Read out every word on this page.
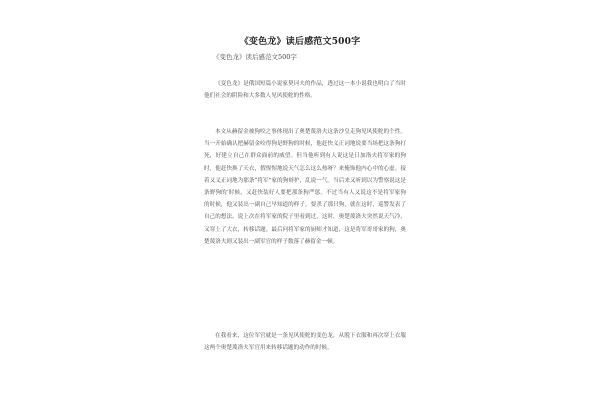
《变色龙》读后感范文500字
《变色龙》读后感范文500字

《变色龙》是俄国短篇小说家契诃夫的作品，透过这一本小说我也明白了当时他们社会的阴险和大多数人见风使舵的性格。

本文从赫留金被狗咬之事体现出了奥楚蔑洛夫这条沙皇走狗见风使舵的个性。当一开始确认把赫留金咬得狗是野狗的时候，他赶快义正词地说要当场把这条狗打死，好建立自己在群众面前的威望。但当他听到有人说这是日加洛夫将军家的狗时，他赶快换了天衣，假惺惺地说天气怎么这么热呀？来掩饰他内心中的心虚。接着又义正词地为那条“将军”家的狗辩护，乱说一气。当后来又听到以为警察说这是条野狗的‘时候，又赶快装好人要把那条狗严惩。不过当有人又说这不是将军家狗的时候，他又装出一副自己早知道的样子，要杀了那只狗，就在这时，巡警发表了自己的想法，说上次在将军家的院子里看到过，这时，奥楚蔑洛夫突然说天气冷，又穿上了大衣，转移话题。最后问将军家的厨师才知道，这是将军哥哥家的狗，奥楚蔑洛夫则又装出一副军官的样子数落了赫留金一顿。

在我看来，这位军官就是一条见风使舵的变色龙，从脱下衣服和再次穿上衣服这两个奥楚蔑洛夫军官用来转移话题的动作的时候，
